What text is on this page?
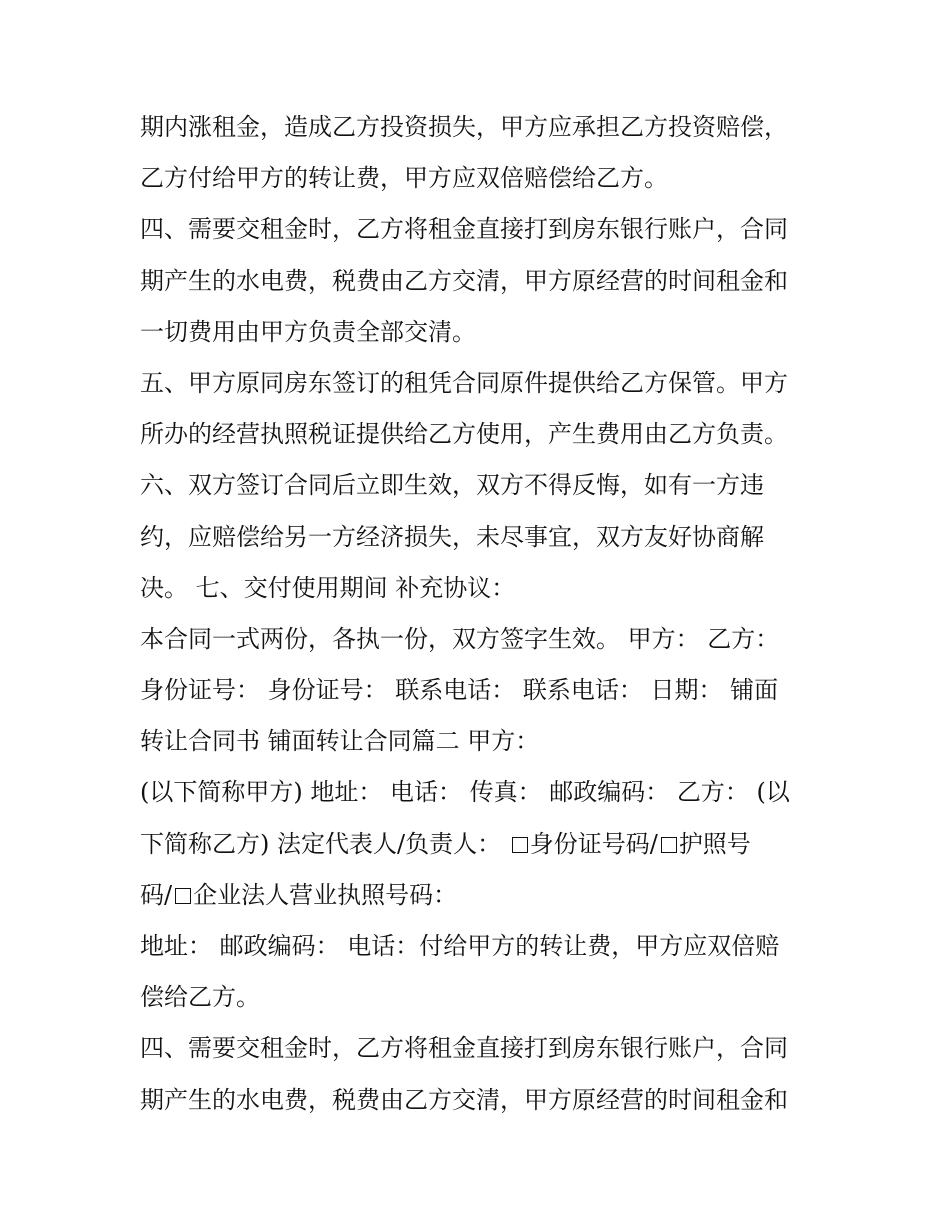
期内涨租金，造成乙方投资损失，甲方应承担乙方投资赔偿，
乙方付给甲方的转让费，甲方应双倍赔偿给乙方。
四、需要交租金时，乙方将租金直接打到房东银行账户，合同
期产生的水电费，税费由乙方交清，甲方原经营的时间租金和
一切费用由甲方负责全部交清。
五、甲方原同房东签订的租凭合同原件提供给乙方保管。甲方
所办的经营执照税证提供给乙方使用，产生费用由乙方负责。
六、双方签订合同后立即生效，双方不得反悔，如有一方违
约，应赔偿给另一方经济损失，未尽事宜，双方友好协商解
决。 七、交付使用期间 补充协议：
本合同一式两份，各执一份，双方签字生效。 甲方： 乙方：
身份证号： 身份证号： 联系电话： 联系电话： 日期： 铺面
转让合同书 铺面转让合同篇二 甲方：
(以下简称甲方) 地址： 电话： 传真： 邮政编码： 乙方： (以
下简称乙方) 法定代表人/负责人： 身份证号码/ 护照号
码/ 企业法人营业执照号码：
地址： 邮政编码： 电话：付给甲方的转让费，甲方应双倍赔
偿给乙方。
四、需要交租金时，乙方将租金直接打到房东银行账户，合同
期产生的水电费，税费由乙方交清，甲方原经营的时间租金和
